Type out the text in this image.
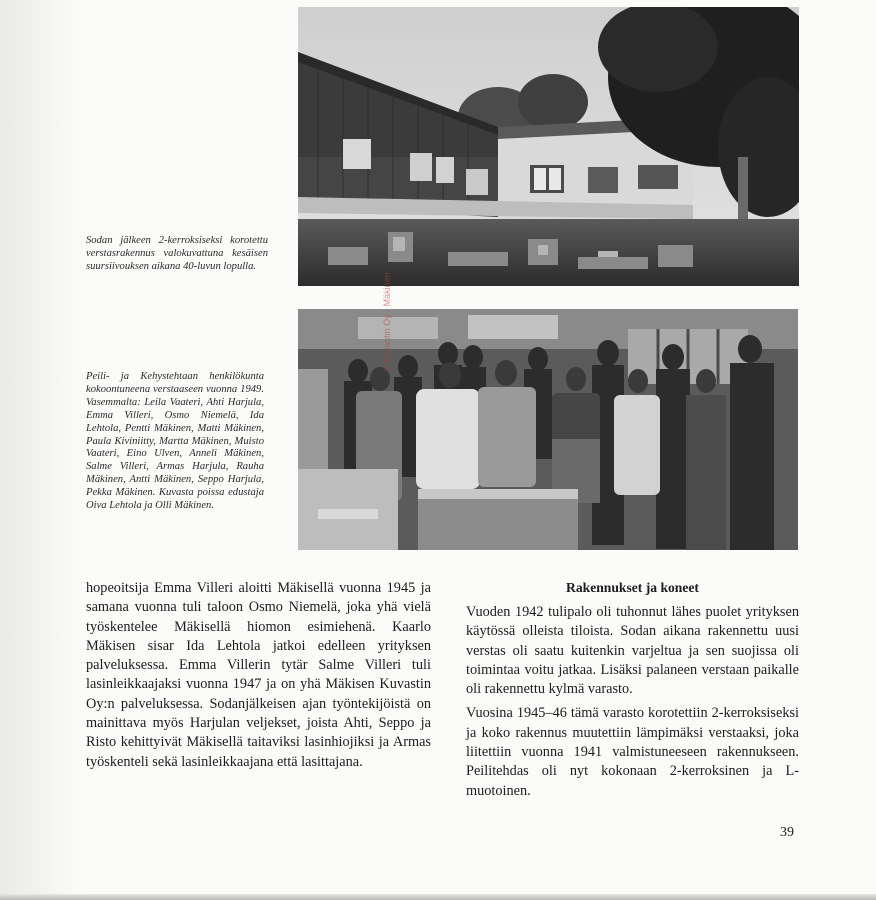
Sodan jälkeen 2-kerroksiseksi korotettu verstasrakennus valokuvattuna kesäisen suursiivouksen aikana 40-luvun lopulla.

© Kuvastin Oy · Mäkinen

Peili- ja Kehystehtaan henkilökunta kokoontuneena verstaaseen vuonna 1949. Vasemmalta: Leila Vaateri, Ahti Harjula, Emma Villeri, Osmo Niemelä, Ida Lehtola, Pentti Mäkinen, Matti Mäkinen, Paula Kiviniitty, Martta Mäkinen, Muisto Vaateri, Eino Ulven, Anneli Mäkinen, Salme Villeri, Armas Harjula, Rauha Mäkinen, Antti Mäkinen, Seppo Harjula, Pekka Mäkinen. Kuvasta poissa edustaja Oiva Lehtola ja Olli Mäkinen.

hopeoitsija Emma Villeri aloitti Mäkisellä vuonna 1945 ja samana vuonna tuli taloon Osmo Niemelä, joka yhä vielä työskentelee Mäkisellä hiomon esimiehenä. Kaarlo Mäkisen sisar Ida Lehtola jatkoi edelleen yrityksen palveluksessa. Emma Villerin tytär Salme Villeri tuli lasinleikkaajaksi vuonna 1947 ja on yhä Mäkisen Kuvastin Oy:n palveluksessa. Sodanjälkeisen ajan työntekijöistä on mainittava myös Harjulan veljekset, joista Ahti, Seppo ja Risto kehittyivät Mäkisellä taitaviksi lasinhiojiksi ja Armas työskenteli sekä lasinleikkaajana että lasittajana.

Rakennukset ja koneet

Vuoden 1942 tulipalo oli tuhonnut lähes puolet yrityksen käytössä olleista tiloista. Sodan aikana rakennettu uusi verstas oli saatu kuitenkin varjeltua ja sen suojissa oli toimintaa voitu jatkaa. Lisäksi palaneen verstaan paikalle oli rakennettu kylmä varasto.

Vuosina 1945–46 tämä varasto korotettiin 2-kerroksiseksi ja koko rakennus muutettiin lämpimäksi verstaaksi, joka liitettiin vuonna 1941 valmistuneeseen rakennukseen. Peilitehdas oli nyt kokonaan 2-kerroksinen ja L-muotoinen.

39
